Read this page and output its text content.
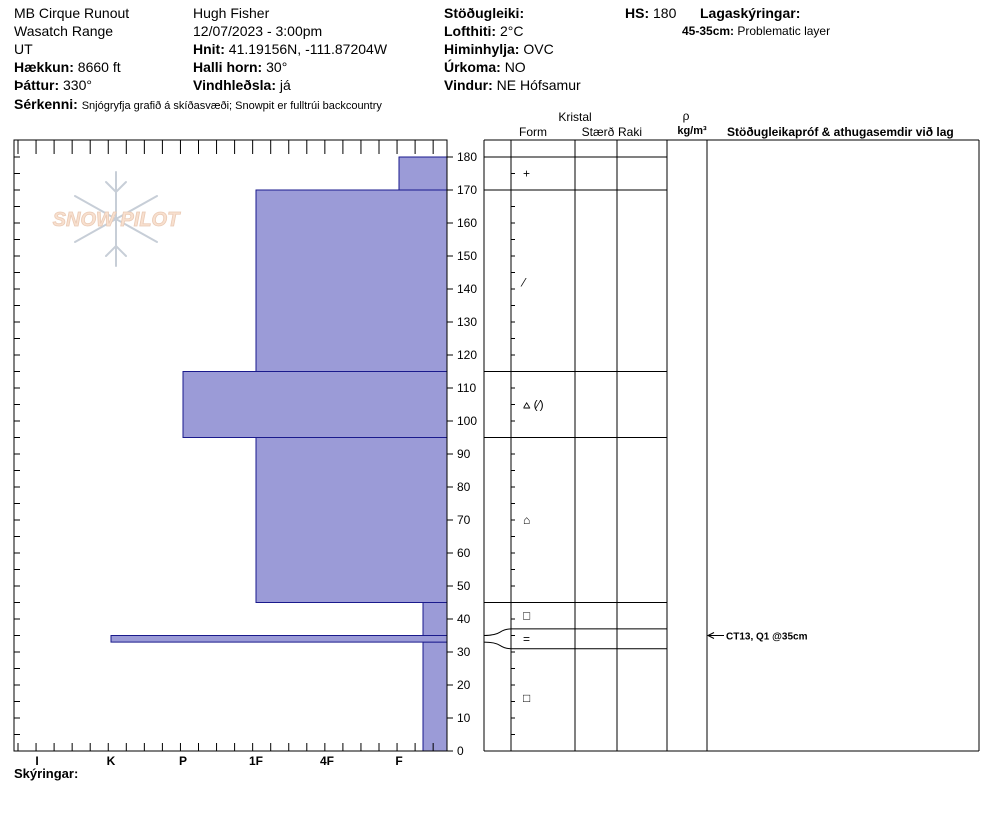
MB Cirque Runout
Wasatch Range
UT
Hækkun: 8660 ft
Þáttur: 330°
Sérkenni: Snjógryfja grafið á skíðasvæði; Snowpit er fulltrúi backcountry
Hugh Fisher
12/07/2023 - 3:00pm
Hnit: 41.19156N, -111.87204W
Halli horn: 30°
Vindhleðsla: já
Stöðugleiki:
Lofthiti: 2°C
Himinhylja: OVC
Úrkoma: NO
Vindur: NE Hófsamur
HS: 180 Lagaskýringar:
45-35cm: Problematic layer
SNOW PILOT
0
10
20
30
40
50
60
70
80
90
100
110
120
130
140
150
160
170
180
I	K	P	1F	4F	F
+
⁄
⩟ (⁄)
⌂
□
=
□
CT13, Q1 @35cm
Kristal
Form	Stærð Raki
ρ
kg/m³ Stöðugleikapróf & athugasemdir við lag
Skýringar:
